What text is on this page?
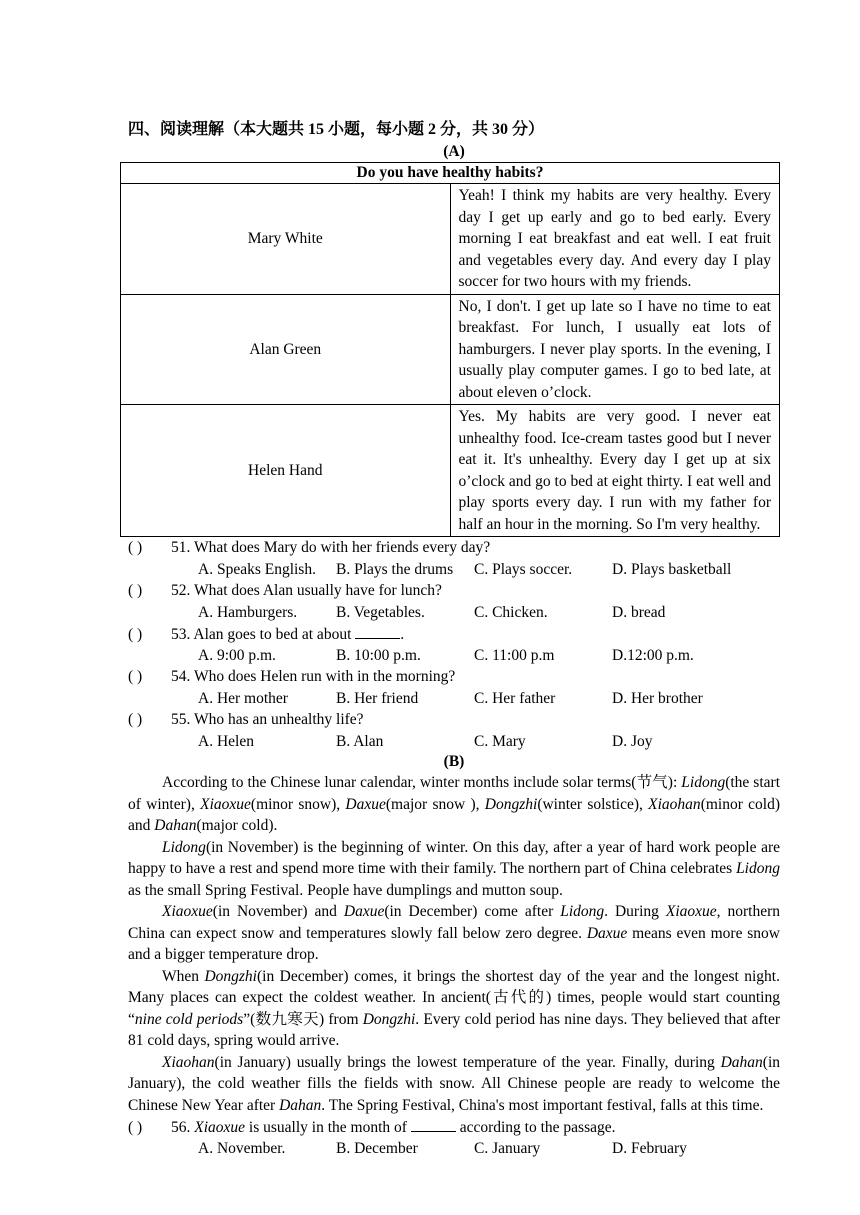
四、阅读理解（本大题共 15 小题，每小题 2 分，共 30 分）
(A)
Do you have healthy habits?	
Mary White	Yeah! I think my habits are very healthy. Every day I get up early and go to bed early. Every morning I eat breakfast and eat well. I eat fruit and vegetables every day. And every day I play soccer for two hours with my friends.
Alan Green	No, I don't. I get up late so I have no time to eat breakfast. For lunch, I usually eat lots of hamburgers. I never play sports. In the evening, I usually play computer games. I go to bed late, at about eleven o’clock.
Helen Hand	Yes. My habits are very good. I never eat unhealthy food. Ice-cream tastes good but I never eat it. It's unhealthy. Every day I get up at six o’clock and go to bed at eight thirty. I eat well and play sports every day. I run with my father for half an hour in the morning. So I'm very healthy.
( ) 51. What does Mary do with her friends every day?
A. Speaks English. B. Plays the drums C. Plays soccer.	D. Plays basketball
( ) 52. What does Alan usually have for lunch?
A. Hamburgers.	B. Vegetables.	C. Chicken.	D. bread
( ) 53. Alan goes to bed at about	.
A. 9:00 p.m.	B. 10:00 p.m.	C. 11:00 p.m	D.12:00 p.m.
( ) 54. Who does Helen run with in the morning?
A. Her mother	B. Her friend	C. Her father	D. Her brother
( ) 55. Who has an unhealthy life?
A. Helen	B. Alan	C. Mary	D. Joy
(B)

According to the Chinese lunar calendar, winter months include solar terms(节气): Lidong(the start of winter), Xiaoxue(minor snow), Daxue(major snow ), Dongzhi(winter solstice), Xiaohan(minor cold) and Dahan(major cold).

Lidong(in November) is the beginning of winter. On this day, after a year of hard work people are happy to have a rest and spend more time with their family. The northern part of China celebrates Lidong as the small Spring Festival. People have dumplings and mutton soup.

Xiaoxue(in November) and Daxue(in December) come after Lidong. During Xiaoxue, northern China can expect snow and temperatures slowly fall below zero degree. Daxue means even more snow and a bigger temperature drop.

When Dongzhi(in December) comes, it brings the shortest day of the year and the longest night. Many places can expect the coldest weather. In ancient(古代的) times, people would start counting “nine cold periods”(数九寒天) from Dongzhi. Every cold period has nine days. They believed that after 81 cold days, spring would arrive.

Xiaohan(in January) usually brings the lowest temperature of the year. Finally, during Dahan(in January), the cold weather fills the fields with snow. All Chinese people are ready to welcome the Chinese New Year after Dahan. The Spring Festival, China's most important festival, falls at this time.

( ) 56. Xiaoxue is usually in the month of	according to the passage.
A. November.	B. December	C. January	D. February
